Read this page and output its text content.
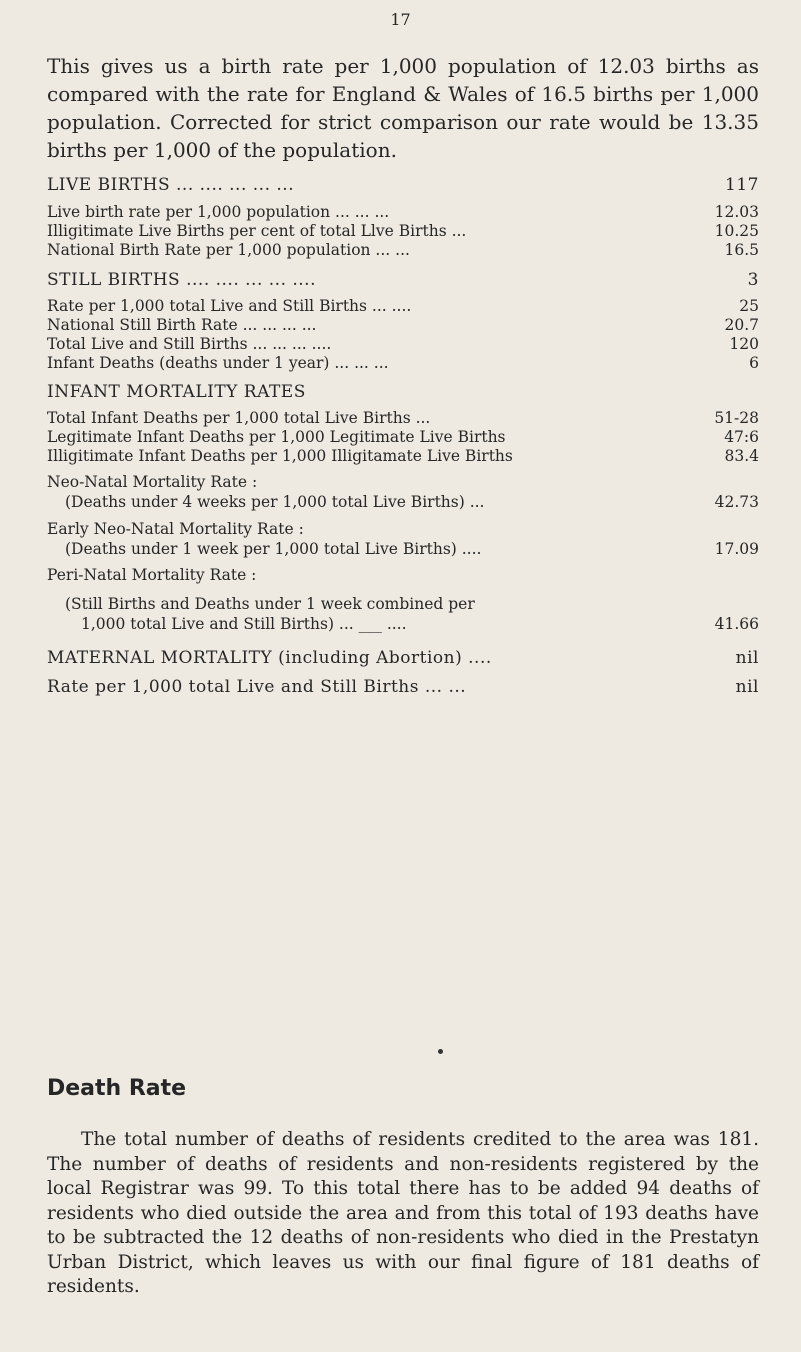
17
This gives us a birth rate per 1,000 population of 12.03 births as compared with the rate for England & Wales of 16.5 births per 1,000 population. Corrected for strict comparison our rate would be 13.35 births per 1,000 of the population.
LIVE BIRTHS ... .... ... ... ...	117
Live birth rate per 1,000 population ... ... ...	12.03
Illigitimate Live Births per cent of total Llve Births ...	10.25
National Birth Rate per 1,000 population ... ...	16.5
STILL BIRTHS .... .... ... ... ....	3
Rate per 1,000 total Live and Still Births ... ....	25
National Still Birth Rate ... ... ... ...	20.7
Total Live and Still Births ... ... ... ....	120
Infant Deaths (deaths under 1 year) ... ... ...	6
INFANT MORTALITY RATES
Total Infant Deaths per 1,000 total Live Births ...	51-28
Legitimate Infant Deaths per 1,000 Legitimate Live Births	47:6
Illigitimate Infant Deaths per 1,000 Illigitamate Live Births	83.4
Neo-Natal Mortality Rate :
(Deaths under 4 weeks per 1,000 total Live Births) ...	42.73
Early Neo-Natal Mortality Rate :
(Deaths under 1 week per 1,000 total Live Births) ....	17.09
Peri-Natal Mortality Rate :
(Still Births and Deaths under 1 week combined per
1,000 total Live and Still Births) ... ___ ....	41.66
MATERNAL MORTALITY (including Abortion) ....	nil
Rate per 1,000 total Live and Still Births ... ...	nil
Death Rate
The total number of deaths of residents credited to the area was 181. The number of deaths of residents and non-residents registered by the local Registrar was 99. To this total there has to be added 94 deaths of residents who died outside the area and from this total of 193 deaths have to be subtracted the 12 deaths of non-residents who died in the Prestatyn Urban District, which leaves us with our final figure of 181 deaths of residents.
